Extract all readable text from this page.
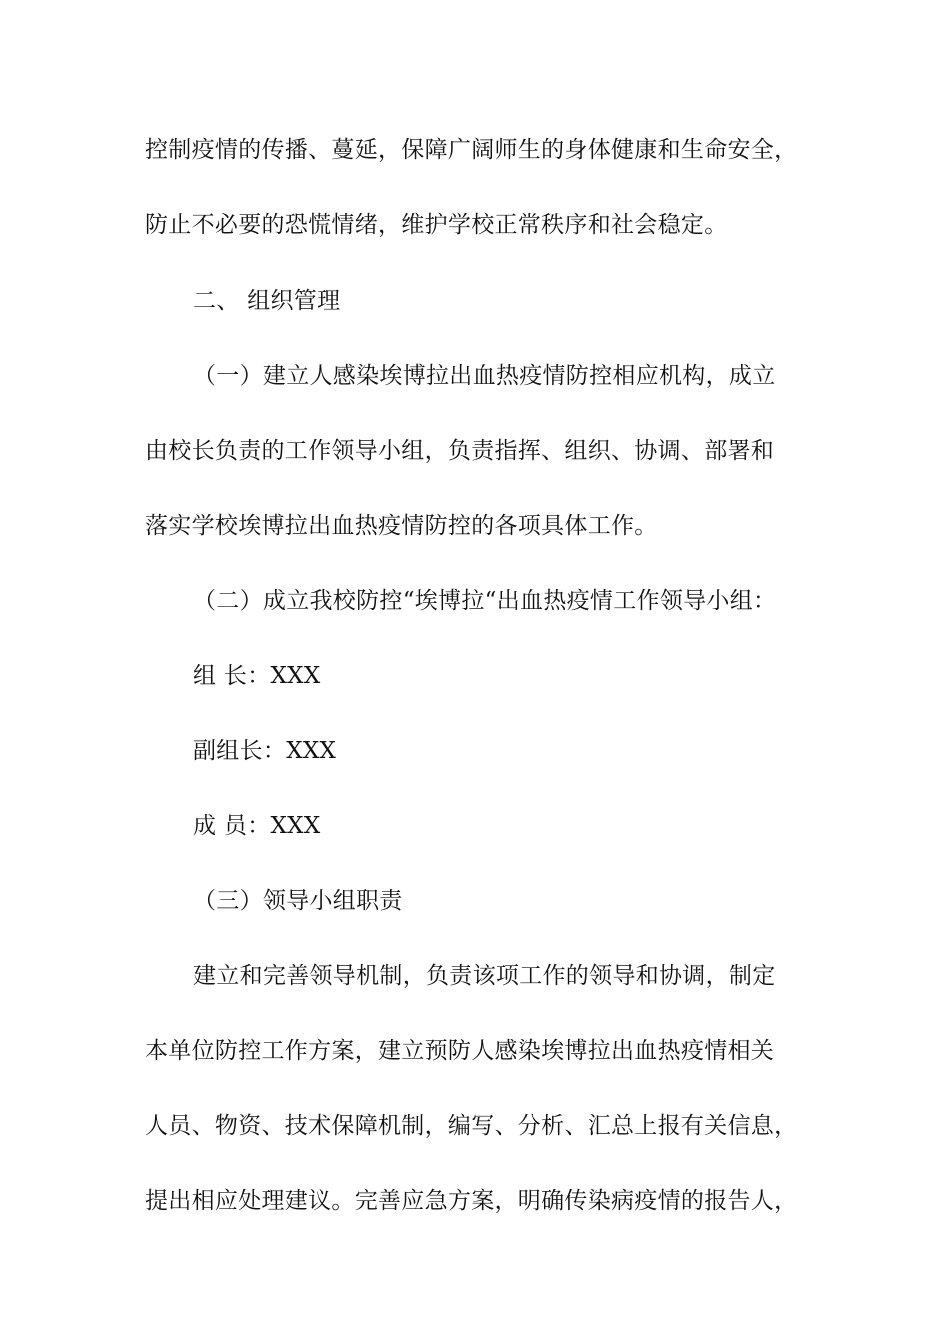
控制疫情的传播、蔓延，保障广阔师生的身体健康和生命安全，
防止不必要的恐慌情绪，维护学校正常秩序和社会稳定。
二、 组织管理
（一）建立人感染埃博拉出血热疫情防控相应机构，成立
由校长负责的工作领导小组，负责指挥、组织、协调、部署和
落实学校埃博拉出血热疫情防控的各项具体工作。
（二）成立我校防控“埃博拉“出血热疫情工作领导小组：
组 长：XXX
副组长：XXX
成 员：XXX
（三）领导小组职责
建立和完善领导机制，负责该项工作的领导和协调，制定
本单位防控工作方案，建立预防人感染埃博拉出血热疫情相关
人员、物资、技术保障机制，编写、分析、汇总上报有关信息，
提出相应处理建议。完善应急方案，明确传染病疫情的报告人，
